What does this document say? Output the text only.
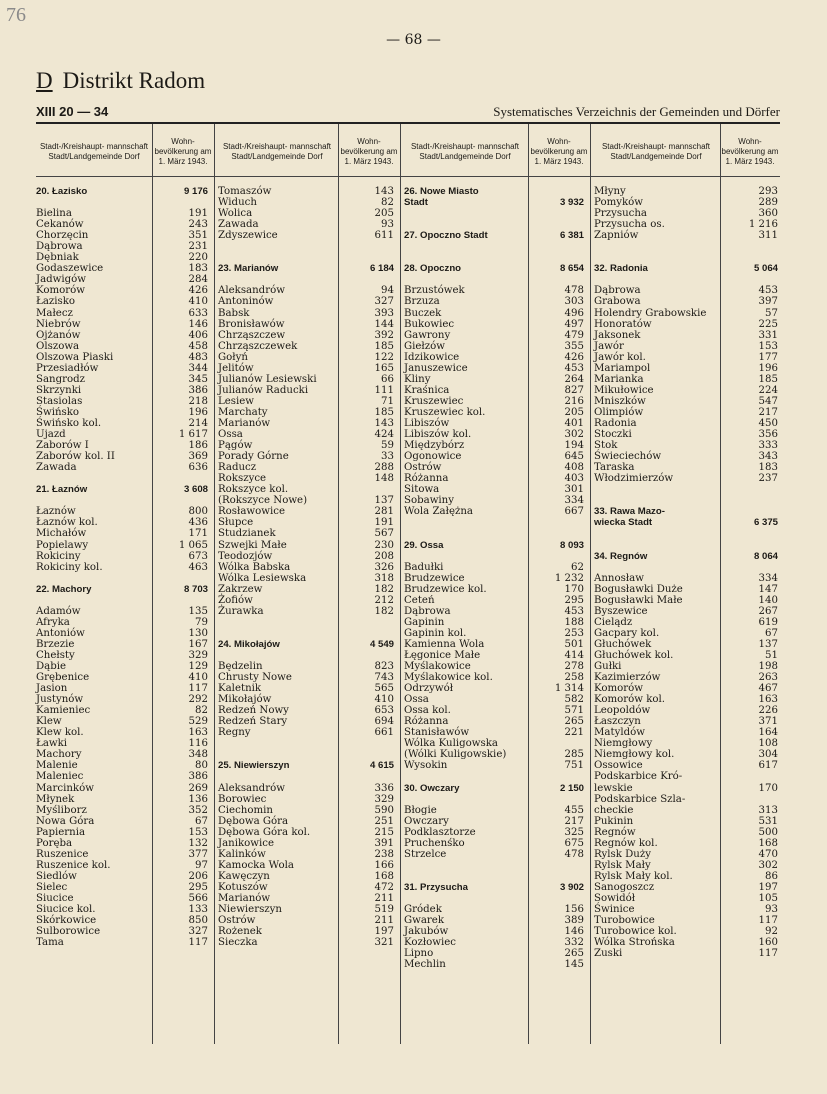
76
— 68 —
D Distrikt Radom
XIII 20 — 34	Systematisches Verzeichnis der Gemeinden und Dörfer
Stadt-/Kreishaupt- mannschaft Stadt/Landgemeinde Dorf
Wohn- bevölkerung am 1. März 1943.
20. Łazisko	9 176
Bielina	191
Cekanów	243
Chorzęcin	351
Dąbrowa	231
Dębniak	220
Godaszewice	183
Jadwigów	284
Komorów	426
Łazisko	410
Małecz	633
Niebrów	146
Ojżanów	406
Olszowa	458
Olszowa Piaski	483
Przesiadłów	344
Sangrodz	345
Skrzynki	386
Stasiolas	218
Świńsko	196
Świńsko kol.	214
Ujazd	1 617
Zaborów I	186
Zaborów kol. II	369
Zawada	636
21. Łaznów	3 608
Łaznów	800
Łaznów kol.	436
Michałów	171
Popielawy	1 065
Rokiciny	673
Rokiciny kol.	463
22. Machory	8 703
Adamów	135
Afryka	79
Antoniów	130
Brzezie	167
Chełsty	329
Dąbie	129
Grębenice	410
Jasion	117
Justynów	292
Kamieniec	82
Klew	529
Klew kol.	163
Ławki	116
Machory	348
Malenie	80
Maleniec	386
Marcinków	269
Młynek	136
Myśliborz	352
Nowa Góra	67
Papiernia	153
Poręba	132
Ruszenice	377
Ruszenice kol.	97
Siedlów	206
Sielec	295
Siucice	566
Siucice kol.	133
Skórkowice	850
Sulborowice	327
Tama	117
Stadt-/Kreishaupt- mannschaft Stadt/Landgemeinde Dorf
Wohn- bevölkerung am 1. März 1943.
Tomaszów	143
Widuch	82
Wolica	205
Zawada	93
Zdyszewice	611
23. Marianów	6 184
Aleksandrów	94
Antoninów	327
Babsk	393
Bronisławów	144
Chrząszczew	392
Chrząszczewek	185
Gołyń	122
Jelitów	165
Julianów Lesiewski	66
Julianów Raducki	111
Lesiew	71
Marchaty	185
Marianów	143
Ossa	424
Pągów	59
Porady Górne	33
Raducz	288
Rokszyce	148
Rokszyce kol.
(Rokszyce Nowe)	137
Rosławowice	281
Słupce	191
Studzianek	567
Szwejki Małe	230
Teodozjów	208
Wólka Babska	326
Wólka Lesiewska	318
Zakrzew	182
Żofiów	212
Żurawka	182
24. Mikołajów	4 549
Będzelin	823
Chrusty Nowe	743
Kaletnik	565
Mikołajów	410
Redzeń Nowy	653
Redzeń Stary	694
Regny	661
25. Niewierszyn	4 615
Aleksandrów	336
Borowiec	329
Ciechomin	590
Dębowa Góra	251
Dębowa Góra kol.	215
Janikowice	391
Kalinków	238
Kamocka Wola	166
Kawęczyn	168
Kotuszów	472
Marianów	211
Niewierszyn	519
Ostrów	211
Rożenek	197
Sieczka	321
Stadt-/Kreishaupt- mannschaft Stadt/Landgemeinde Dorf
Wohn- bevölkerung am 1. März 1943.
26. Nowe Miasto
Stadt	3 932
27. Opoczno Stadt	6 381
28. Opoczno	8 654
Brzustówek	478
Brzuza	303
Buczek	496
Bukowiec	497
Gawrony	479
Giełzów	355
Idzikowice	426
Januszewice	453
Kliny	264
Kraśnica	827
Kruszewiec	216
Kruszewiec kol.	205
Libiszów	401
Libiszów kol.	302
Międzybórz	194
Ogonowice	645
Ostrów	408
Różanna	403
Sitowa	301
Sobawiny	334
Wola Załężna	667
29. Ossa	8 093
Badułki	62
Brudzewice	1 232
Brudzewice kol.	170
Ceteń	295
Dąbrowa	453
Gapinin	188
Gapinin kol.	253
Kamienna Wola	501
Łęgonice Małe	414
Myślakowice	278
Myślakowice kol.	258
Odrzywół	1 314
Ossa	582
Ossa kol.	571
Różanna	265
Stanisławów	221
Wólka Kuligowska
(Wólki Kuligowskie)	285
Wysokin	751
30. Owczary	2 150
Błogie	455
Owczary	217
Podklasztorze	325
Pruchenśko	675
Strzelce	478
31. Przysucha	3 902
Gródek	156
Gwarek	389
Jakubów	146
Kozłowiec	332
Lipno	265
Mechlin	145
Stadt-/Kreishaupt- mannschaft Stadt/Landgemeinde Dorf
Wohn- bevölkerung am 1. März 1943.
Młyny	293
Pomyków	289
Przysucha	360
Przysucha os.	1 216
Zapniów	311
32. Radonia	5 064
Dąbrowa	453
Grabowa	397
Holendry Grabowskie	57
Honoratów	225
Jaksonek	331
Jawór	153
Jawór kol.	177
Mariampol	196
Marianka	185
Mikułowice	224
Mniszków	547
Olimpiów	217
Radonia	450
Stoczki	356
Stok	333
Świeciechów	343
Taraska	183
Włodzimierzów	237
33. Rawa Mazo-
wiecka Stadt	6 375
34. Regnów	8 064
Annosław	334
Bogusławki Duże	147
Bogusławki Małe	140
Byszewice	267
Cielądz	619
Gacpary kol.	67
Głuchówek	137
Głuchówek kol.	51
Gułki	198
Kazimierzów	263
Komorów	467
Komorów kol.	163
Leopoldów	226
Łaszczyn	371
Matyldów	164
Niemgłowy	108
Niemgłowy kol.	304
Ossowice	617
Podskarbice Kró-
lewskie	170
Podskarbice Szla-
checkie	313
Pukinin	531
Regnów	500
Regnów kol.	168
Rylsk Duży	470
Rylsk Mały	302
Rylsk Mały kol.	86
Sanogoszcz	197
Sowidół	105
Świnice	93
Turobowice	117
Turobowice kol.	92
Wólka Strońska	160
Zuski	117
